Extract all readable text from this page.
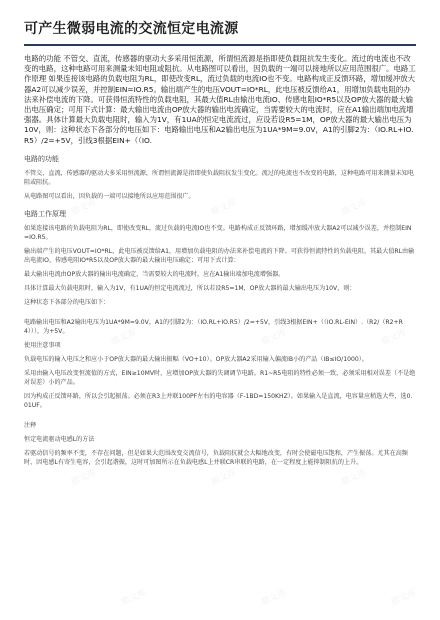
可产生微弱电流的交流恒定电流源

电路的功能 不管交、直流，传感器的驱动大多采用恒流源，所谓恒流源是指即使负载阻抗发生变化。流过的电流也不改变的电路，这种电路可用来测量未知电阻或阻抗。从电路图可以看出，因负载的一端可以接地所以应用范围很广。电路工作原理 如果连接该电路的负载电阻为RL，即使改变RL，流过负载的电流IO也不变。电路构成正反馈环路，增加缓冲放大器A2可以减少误差，并控制EIN=IO.R5。输出端产生的电压VOUT=IO*RL，此电压被反馈给A1，用增加负载电阻的办法来补偿电流的下降。可获得恒流特性的负载电阻，其最大值RL由输出电流IO、传感电阻IO*R5以及OP放大器的最大输出电压确定；可用下式计算：最大输出电流由OP放大器的输出电流确定，当需要较大的电流时，应在A1输出端加电流增强器。具体计算最大负载电阻时，输入为1V，有1UA的恒定电流流过，应设若设R5=1M，OP放大器的最大输出电压为10V，则：这种状态下各部分的电压如下：电路输出电压和A2输出电压为1UA*9M=9.0V，A1的引脚2为：（IO.RL+IO.R5）/2=+5V，引线3根据EIN+（（IO.

电路的功能

不管交、直流，传感器的驱动大多采用恒流源，所谓恒流源是指即使负载阻抗发生变化。流过的电流也不改变的电路，这种电路可用来测量未知电阻或阻抗。

从电路图可以看出，因负载的一端可以接地所以应用范围很广。

电路工作原理

如果连接该电路的负载电阻为RL，即使改变RL，流过负载的电流IO也不变。电路构成正反馈环路，增加缓冲放大器A2可以减少误差，并控制EIN=IO.R5。

输出端产生的电压VOUT=IO*RL，此电压被反馈给A1，用增加负载电阻的办法来补偿电流的下降。可获得恒流特性的负载电阻，其最大值RL由输出电流IO、传感电阻IO*R5以及OP放大器的最大输出电压确定；可用下式计算：

最大输出电流由OP放大器的输出电流确定，当需要较大的电流时，应在A1输出端加电流增强器。

具体计算最大负载电阻时，输入为1V，有1UA的恒定电流流过，所以若设R5=1M，OP放大器的最大输出电压为10V，则：

这种状态下各部分的电压如下：

电路输出电压和A2输出电压为1UA*9M=9.0V，A1的引脚2为：（IO.RL+IO.R5）/2=+5V，引线3根据EIN+（（IO.RL-EIN）.（R2/（R2+R4））），为+5V。

使用注意事项

负载电压的输入电压之和应小于OP放大器的最大输出振幅（VO+10）。OP放大器A2采用输入偏流IB小的产品（IB≤IO/1000）。

采用由输入电压改变恒流值的方式，EIN≥10MV时，应增加OP放大器的失调调节电路。R1~R5电阻的特性必须一致，必须采用相对误差（不是绝对误差）小的产品。

因为构成正反馈环路，所以会引起振荡。必须在R3上并联100PF左右的电容器（F-1BD=150KHZ）。如果输入是直流，电容量应稍选大些，选0.01UF。

注释

恒定电流驱动电感L的方法

若驱动信号的频率不变，不存在问题，但是如果大范围改变交流信号，负载阻抗就会大幅地改变，有时会使磁电压饱和，产生振荡。尤其在高频时，因电感L有寄生电容，会引起谐振，这时可加图所示在负载电感L上并联CR串联的电路，在一定程度上能抑制阻抗的上升。

鼎文库	鼎文库	鼎文库
鼎文库	鼎文库	鼎文库
鼎文库	鼎文库	鼎文库
鼎文库	鼎文库	鼎文库
